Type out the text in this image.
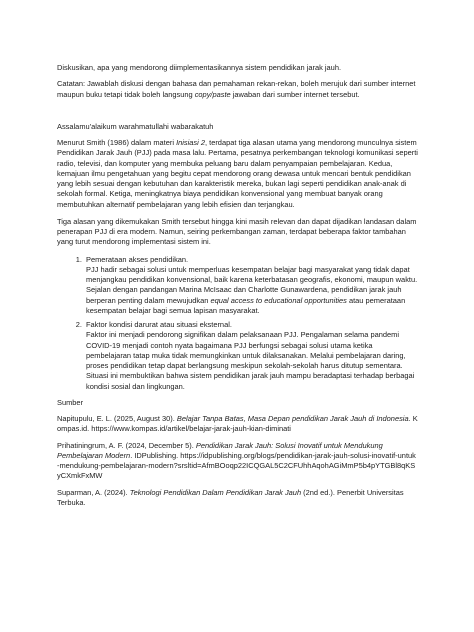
Diskusikan, apa yang mendorong diimplementasikannya sistem pendidikan jarak jauh.

Catatan: Jawablah diskusi dengan bahasa dan pemahaman rekan-rekan, boleh merujuk dari sumber internet maupun buku tetapi tidak boleh langsung copy/paste jawaban dari sumber internet tersebut.

Assalamu'alaikum warahmatullahi wabarakatuh

Menurut Smith (1986) dalam materi Inisiasi 2, terdapat tiga alasan utama yang mendorong munculnya sistem Pendidikan Jarak Jauh (PJJ) pada masa lalu. Pertama, pesatnya perkembangan teknologi komunikasi seperti radio, televisi, dan komputer yang membuka peluang baru dalam penyampaian pembelajaran. Kedua, kemajuan ilmu pengetahuan yang begitu cepat mendorong orang dewasa untuk mencari bentuk pendidikan yang lebih sesuai dengan kebutuhan dan karakteristik mereka, bukan lagi seperti pendidikan anak-anak di sekolah formal. Ketiga, meningkatnya biaya pendidikan konvensional yang membuat banyak orang membutuhkan alternatif pembelajaran yang lebih efisien dan terjangkau.

Tiga alasan yang dikemukakan Smith tersebut hingga kini masih relevan dan dapat dijadikan landasan dalam penerapan PJJ di era modern. Namun, seiring perkembangan zaman, terdapat beberapa faktor tambahan yang turut mendorong implementasi sistem ini.

1. Pemerataan akses pendidikan.
PJJ hadir sebagai solusi untuk memperluas kesempatan belajar bagi masyarakat yang tidak dapat menjangkau pendidikan konvensional, baik karena keterbatasan geografis, ekonomi, maupun waktu. Sejalan dengan pandangan Marina McIsaac dan Charlotte Gunawardena, pendidikan jarak jauh berperan penting dalam mewujudkan equal access to educational opportunities atau pemerataan kesempatan belajar bagi semua lapisan masyarakat.
2. Faktor kondisi darurat atau situasi eksternal.
Faktor ini menjadi pendorong signifikan dalam pelaksanaan PJJ. Pengalaman selama pandemi COVID-19 menjadi contoh nyata bagaimana PJJ berfungsi sebagai solusi utama ketika pembelajaran tatap muka tidak memungkinkan untuk dilaksanakan. Melalui pembelajaran daring, proses pendidikan tetap dapat berlangsung meskipun sekolah-sekolah harus ditutup sementara. Situasi ini membuktikan bahwa sistem pendidikan jarak jauh mampu beradaptasi terhadap berbagai kondisi sosial dan lingkungan.

Sumber

Napitupulu, E. L. (2025, August 30). Belajar Tanpa Batas, Masa Depan pendidikan Jarak Jauh di Indonesia. Kompas.id. https://www.kompas.id/artikel/belajar-jarak-jauh-kian-diminati

Prihatiningrum, A. F. (2024, December 5). Pendidikan Jarak Jauh: Solusi Inovatif untuk Mendukung Pembelajaran Modern. IDPublishing. https://idpublishing.org/blogs/pendidikan-jarak-jauh-solusi-inovatif-untuk-mendukung-pembelajaran-modern?srsltid=AfmBOoqp22ICQGAL5C2CFUhhAqohAGiMmP5b4pYTGBl8qKSyCXmkFxMW

Suparman, A. (2024). Teknologi Pendidikan Dalam Pendidikan Jarak Jauh (2nd ed.). Penerbit Universitas Terbuka.
